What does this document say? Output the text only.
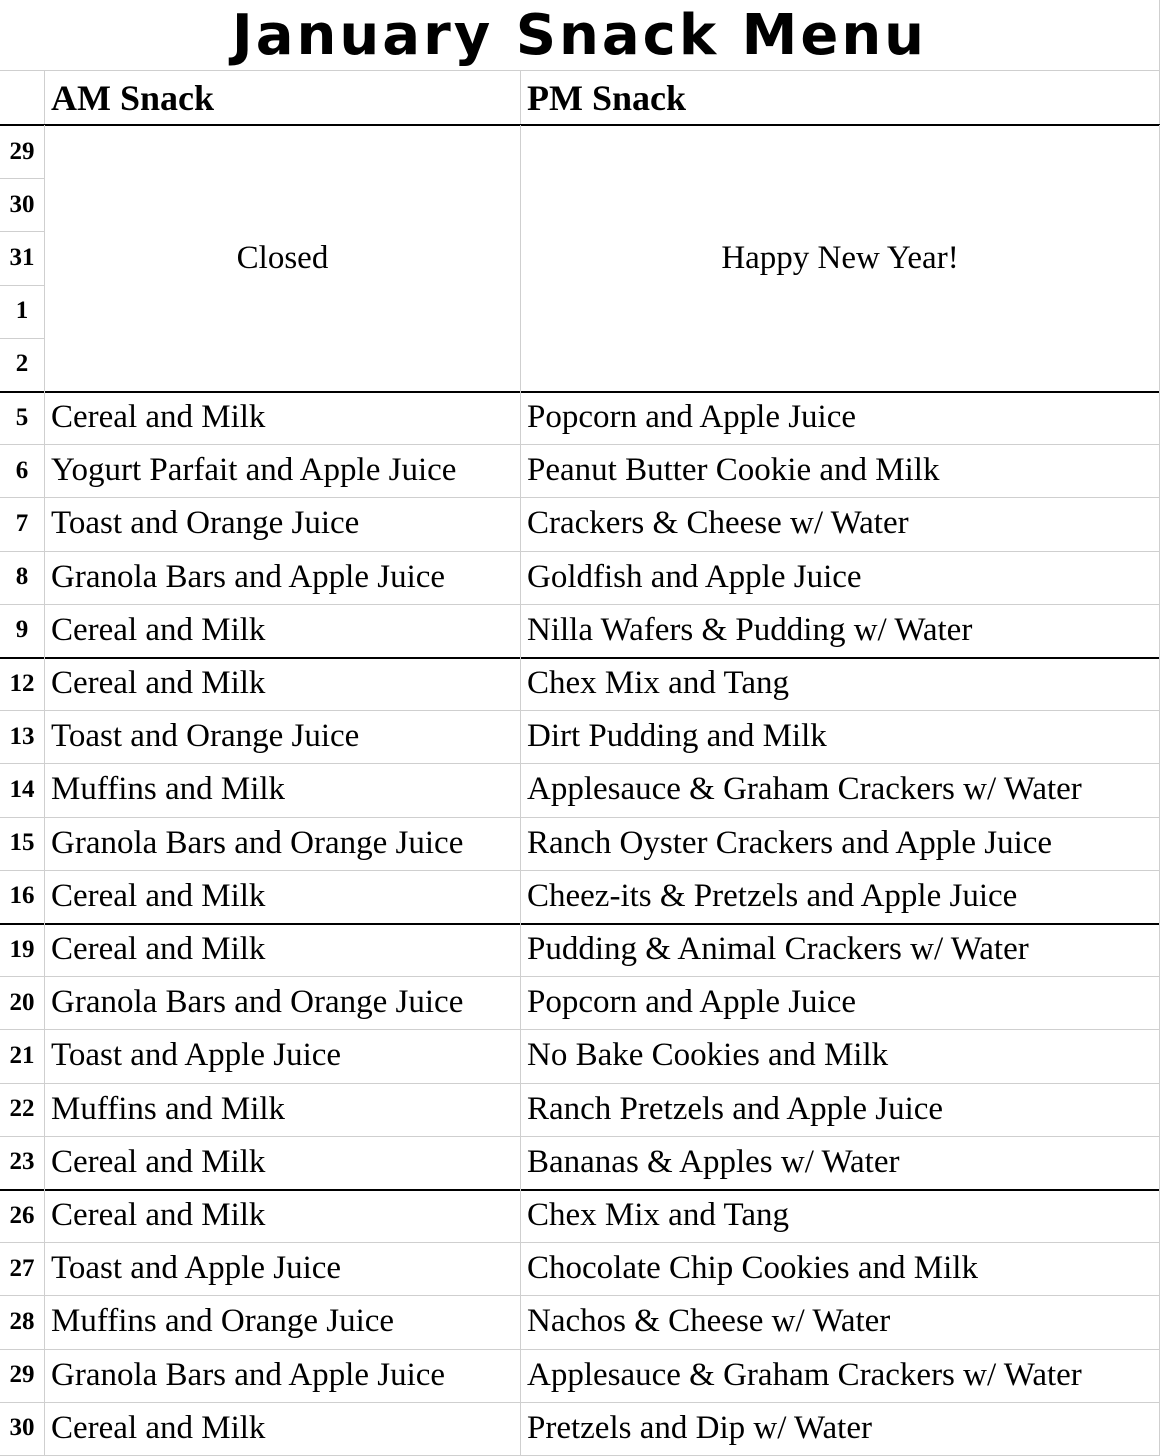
January Snack Menu
AM Snack	PM Snack
29
30
31
1
2
Closed	Happy New Year!
5 Cereal and Milk	Popcorn and Apple Juice
6 Yogurt Parfait and Apple Juice	Peanut Butter Cookie and Milk
7 Toast and Orange Juice	Crackers & Cheese w/ Water
8 Granola Bars and Apple Juice	Goldfish and Apple Juice
9 Cereal and Milk	Nilla Wafers & Pudding w/ Water
12 Cereal and Milk	Chex Mix and Tang
13 Toast and Orange Juice	Dirt Pudding and Milk
14 Muffins and Milk	Applesauce & Graham Crackers w/ Water
15 Granola Bars and Orange Juice	Ranch Oyster Crackers and Apple Juice
16 Cereal and Milk	Cheez-its & Pretzels and Apple Juice
19 Cereal and Milk	Pudding & Animal Crackers w/ Water
20 Granola Bars and Orange Juice	Popcorn and Apple Juice
21 Toast and Apple Juice	No Bake Cookies and Milk
22 Muffins and Milk	Ranch Pretzels and Apple Juice
23 Cereal and Milk	Bananas & Apples w/ Water
26 Cereal and Milk	Chex Mix and Tang
27 Toast and Apple Juice	Chocolate Chip Cookies and Milk
28 Muffins and Orange Juice	Nachos & Cheese w/ Water
29 Granola Bars and Apple Juice	Applesauce & Graham Crackers w/ Water
30 Cereal and Milk	Pretzels and Dip w/ Water
